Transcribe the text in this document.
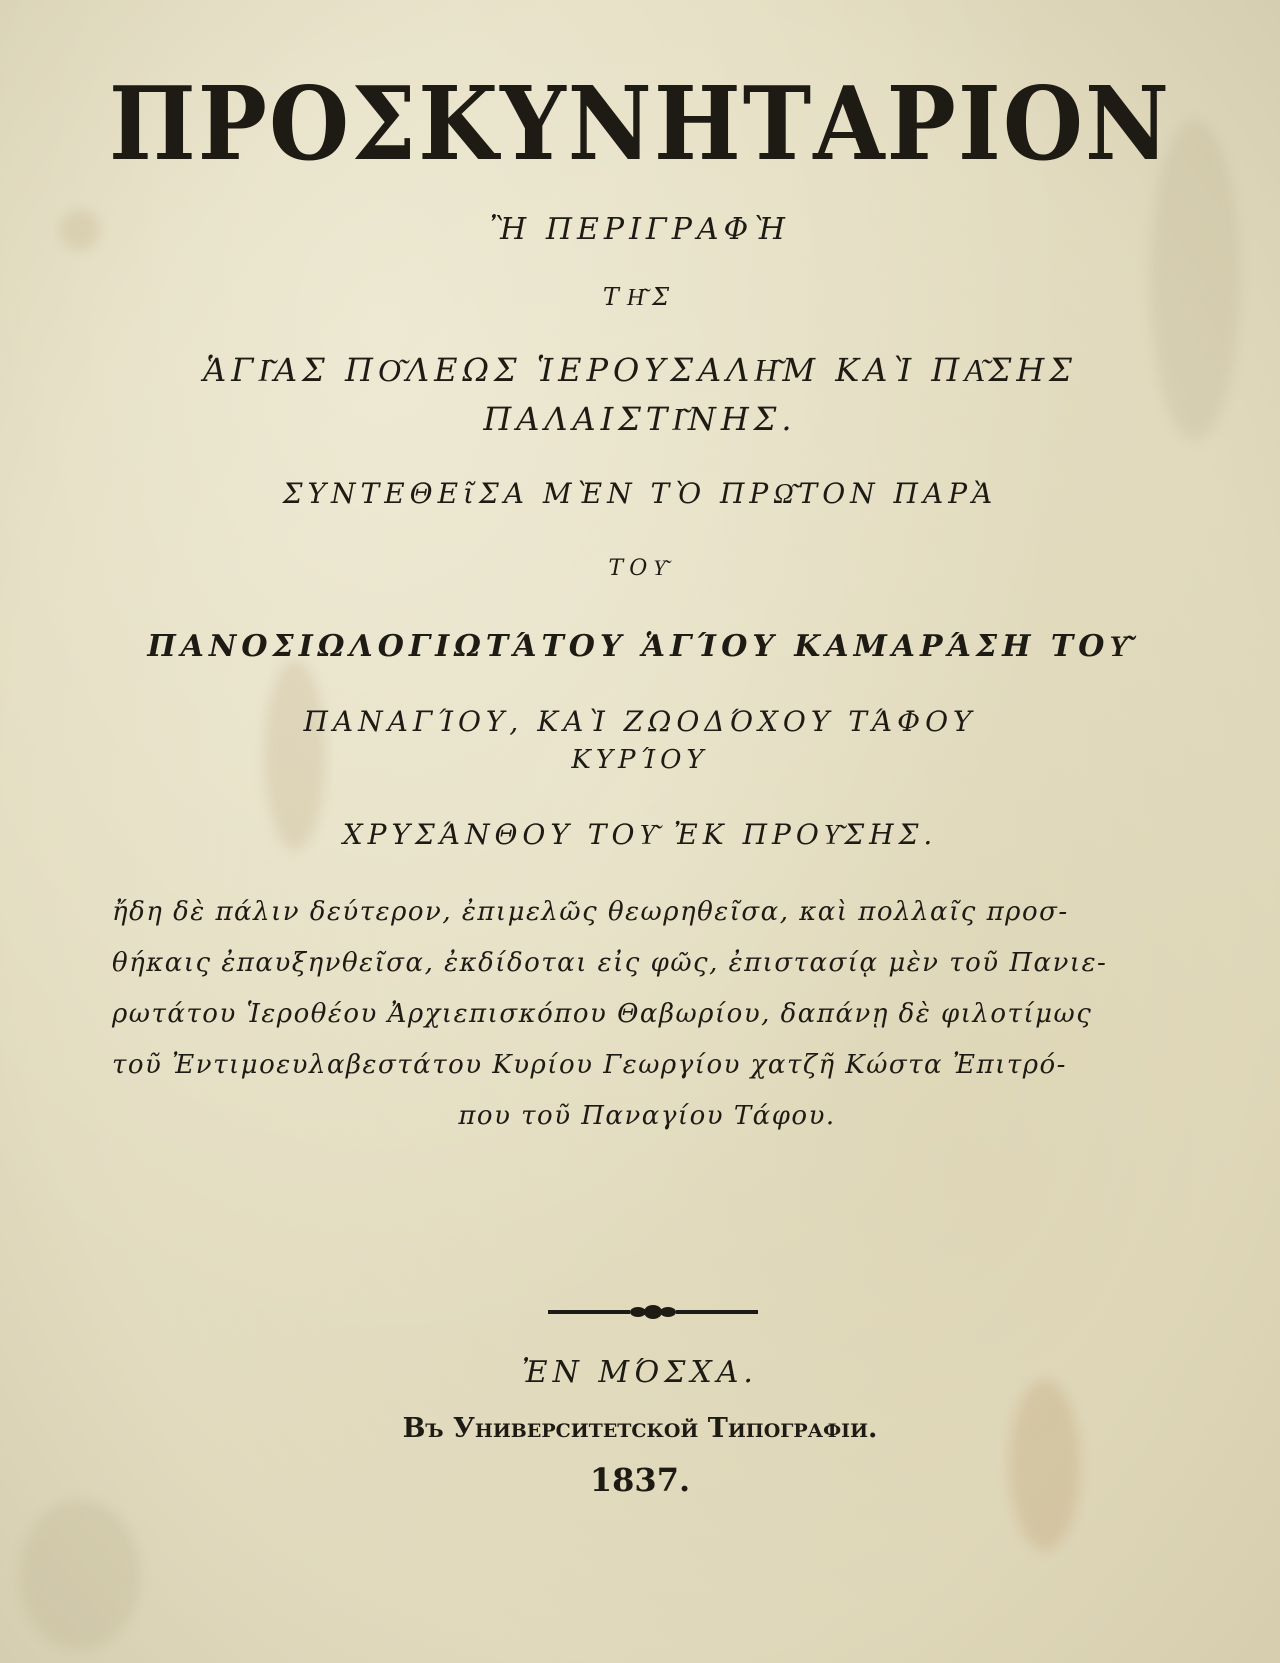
ΠΡΟΣΚΥΝΗΤΑΡΙΟΝ
Ἢ ΠΕΡΙΓΡΑΦῊ
ΤΗ͂Σ
ἉΓΙ͂ΑΣ ΠΟ͂ΛΕΩΣ ἹΕΡΟΥΣΑΛΗ͂Μ ΚΑῚ ΠΑ͂ΣΗΣ
ΠΑΛΑΙΣΤΙ͂ΝΗΣ.
ΣΥΝΤΕΘΕῖΣΑ ΜῈΝ ΤῸ ΠΡΩ͂ΤΟΝ ΠΑΡᾺ
ΤΟΥ͂
ΠΑΝΟΣΙΩΛΟΓΙΩΤΆΤΟΥ ἉΓΊΟΥ ΚΑΜΑΡΆΣΗ ΤΟΥ͂
ΠΑΝΑΓΊΟΥ, ΚΑῚ ΖΩΟΔΌΧΟΥ ΤΆΦΟΥ
ΚΥΡΊΟΥ
ΧΡΥΣΆΝΘΟΥ ΤΟΥ͂ ἘΚ ΠΡΟΥ͂ΣΗΣ.
ἤδη δὲ πάλιν δεύτερον, ἐπιμελῶς θεωρηθεῖσα, καὶ πολλαῖς προσ-
θήκαις ἐπαυξηνθεῖσα, ἐκδίδοται εἰς φῶς, ἐπιστασίᾳ μὲν τοῦ Πανιε-
ρωτάτου Ἱεροθέου Ἀρχιεπισκόπου Θαβωρίου, δαπάνῃ δὲ φιλοτίμως
τοῦ Ἐντιμοευλαβεστάτου Κυρίου Γεωργίου χατζῆ Κώστα Ἐπιτρό-
που τοῦ Παναγίου Τάφου.
ἘΝ ΜΌΣΧΑ.
Въ Университетской Типографіи.
1837.
